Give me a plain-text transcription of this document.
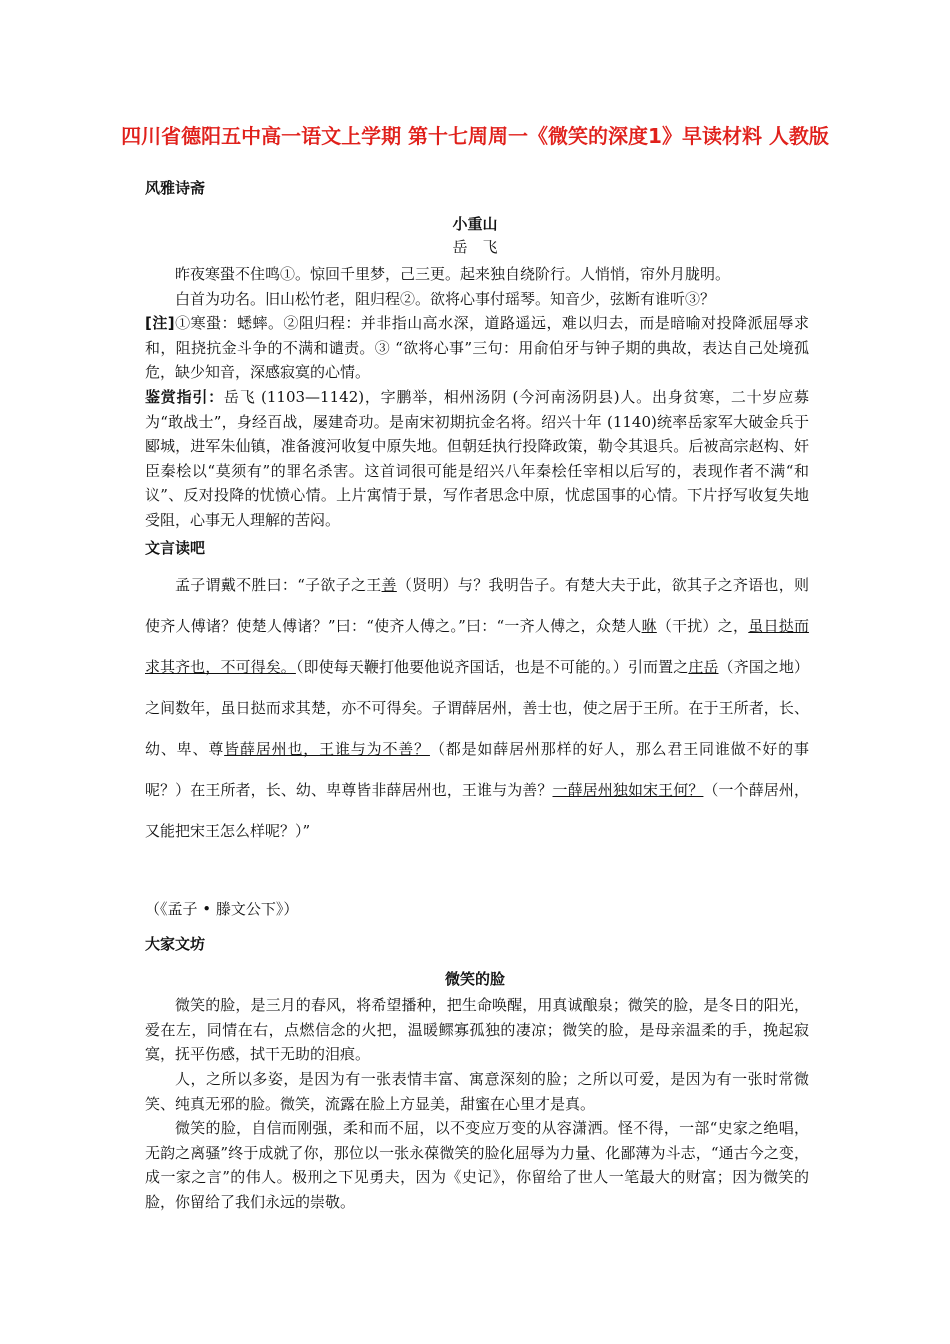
四川省德阳五中高一语文上学期 第十七周周一《微笑的深度1》早读材料 人教版
风雅诗斋
小重山
岳　飞
昨夜寒蛩不住鸣①。惊回千里梦，己三更。起来独自绕阶行。人悄悄，帘外月胧明。
白首为功名。旧山松竹老，阻归程②。欲将心事付瑶琴。知音少，弦断有谁听③？
[注]①寒蛩：蟋蟀。②阻归程：并非指山高水深，道路遥远，难以归去，而是暗喻对投降派屈辱求和，阻挠抗金斗争的不满和谴责。③ “欲将心事”三句：用俞伯牙与钟子期的典故，表达自己处境孤危，缺少知音，深感寂寞的心情。
鉴赏指引：岳飞 (1103—1142)，字鹏举，相州汤阴 (今河南汤阴县)人。出身贫寒，二十岁应募为“敢战士”，身经百战，屡建奇功。是南宋初期抗金名将。绍兴十年 (1140)统率岳家军大破金兵于郾城，进军朱仙镇，准备渡河收复中原失地。但朝廷执行投降政策，勒令其退兵。后被高宗赵构、奸臣秦桧以“莫须有”的罪名杀害。这首词很可能是绍兴八年秦桧任宰相以后写的，表现作者不满“和议”、反对投降的忧愤心情。上片寓情于景，写作者思念中原，忧虑国事的心情。下片抒写收复失地受阻，心事无人理解的苦闷。
文言读吧
孟子谓戴不胜曰：“子欲子之王善（贤明）与？我明告子。有楚大夫于此，欲其子之齐语也，则使齐人傅诸？使楚人傅诸？”曰：“使齐人傅之。”曰：“一齐人傅之，众楚人咻（干扰）之，虽日挞而求其齐也，不可得矣。（即使每天鞭打他要他说齐国话，也是不可能的。）引而置之庄岳（齐国之地）之间数年，虽日挞而求其楚，亦不可得矣。子谓薛居州，善士也，使之居于王所。在于王所者，长、幼、卑、尊皆薛居州也，王谁与为不善？（都是如薛居州那样的好人，那么君王同谁做不好的事呢？）在王所者，长、幼、卑尊皆非薛居州也，王谁与为善？一薛居州独如宋王何？（一个薛居州，又能把宋王怎么样呢？）”
（《孟子 • 滕文公下》）
大家文坊
微笑的脸
微笑的脸，是三月的春风，将希望播种，把生命唤醒，用真诚酿泉；微笑的脸，是冬日的阳光，爱在左，同情在右，点燃信念的火把，温暖鳏寡孤独的凄凉；微笑的脸，是母亲温柔的手，挽起寂寞，抚平伤感，拭干无助的泪痕。
人，之所以多姿，是因为有一张表情丰富、寓意深刻的脸；之所以可爱，是因为有一张时常微笑、纯真无邪的脸。微笑，流露在脸上方显美，甜蜜在心里才是真。
微笑的脸，自信而刚强，柔和而不屈，以不变应万变的从容潇洒。怪不得，一部“史家之绝唱，无韵之离骚”终于成就了你，那位以一张永葆微笑的脸化屈辱为力量、化鄙薄为斗志，“通古今之变，成一家之言”的伟人。极刑之下见勇夫，因为《史记》，你留给了世人一笔最大的财富；因为微笑的脸，你留给了我们永远的崇敬。
